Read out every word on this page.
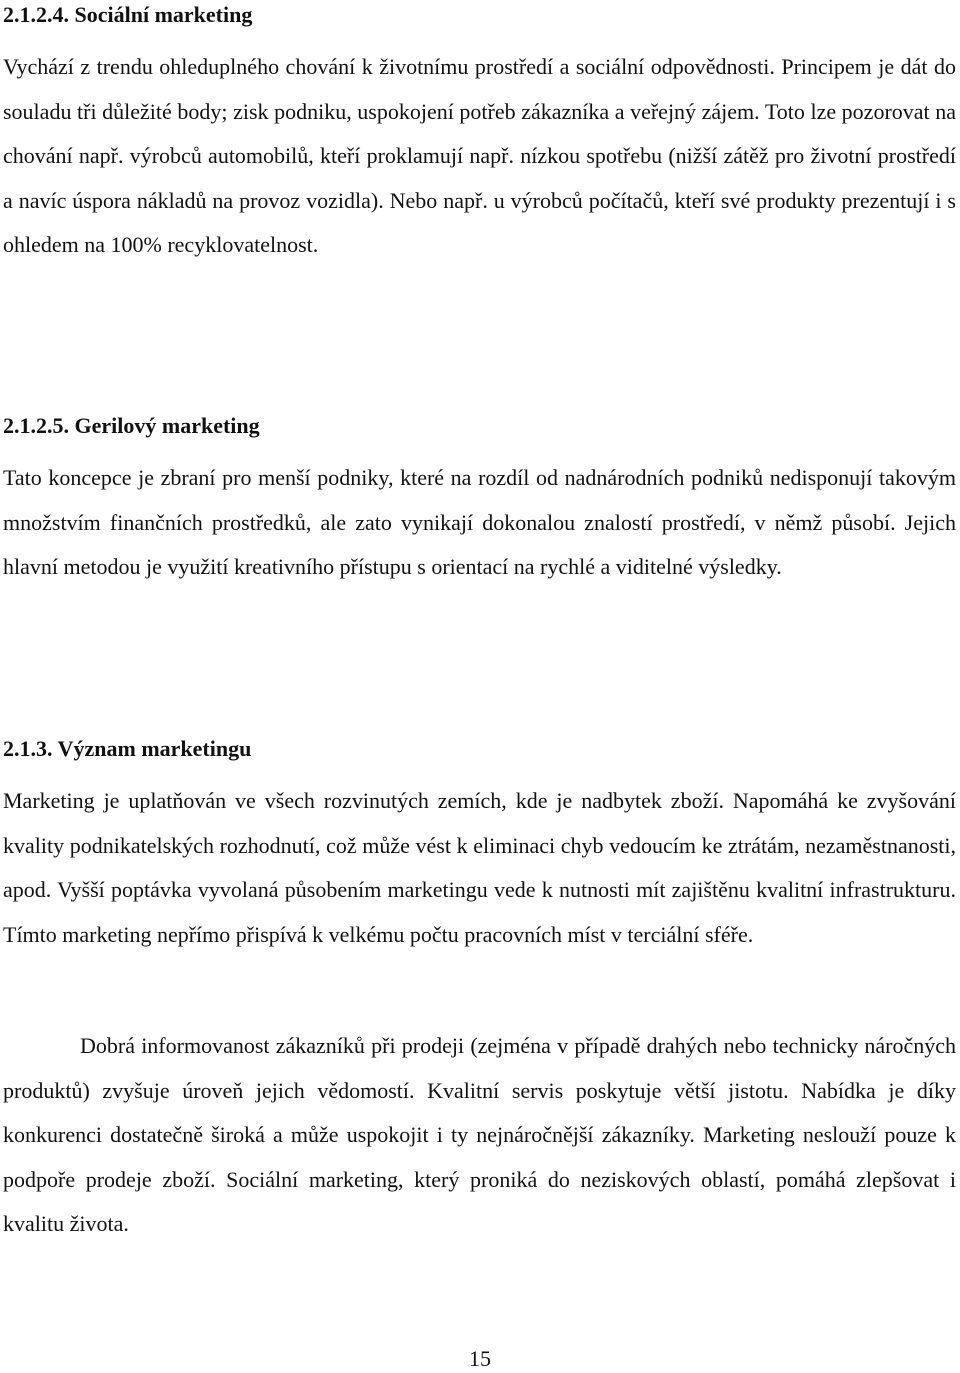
2.1.2.4. Sociální marketing

Vychází z trendu ohleduplného chování k životnímu prostředí a sociální odpovědnosti. Principem je dát do souladu tři důležité body; zisk podniku, uspokojení potřeb zákazníka a veřejný zájem. Toto lze pozorovat na chování např. výrobců automobilů, kteří proklamují např. nízkou spotřebu (nižší zátěž pro životní prostředí a navíc úspora nákladů na provoz vozidla). Nebo např. u výrobců počítačů, kteří své produkty prezentují i s ohledem na 100% recyklovatelnost.

2.1.2.5. Gerilový marketing

Tato koncepce je zbraní pro menší podniky, které na rozdíl od nadnárodních podniků nedisponují takovým množstvím finančních prostředků, ale zato vynikají dokonalou znalostí prostředí, v němž působí. Jejich hlavní metodou je využití kreativního přístupu s orientací na rychlé a viditelné výsledky.

2.1.3. Význam marketingu

Marketing je uplatňován ve všech rozvinutých zemích, kde je nadbytek zboží. Napomáhá ke zvyšování kvality podnikatelských rozhodnutí, což může vést k eliminaci chyb vedoucím ke ztrátám, nezaměstnanosti, apod. Vyšší poptávka vyvolaná působením marketingu vede k nutnosti mít zajištěnu kvalitní infrastrukturu. Tímto marketing nepřímo přispívá k velkému počtu pracovních míst v terciální sféře.

Dobrá informovanost zákazníků při prodeji (zejména v případě drahých nebo technicky náročných produktů) zvyšuje úroveň jejich vědomostí. Kvalitní servis poskytuje větší jistotu. Nabídka je díky konkurenci dostatečně široká a může uspokojit i ty nejnáročnější zákazníky. Marketing neslouží pouze k podpoře prodeje zboží. Sociální marketing, který proniká do neziskových oblastí, pomáhá zlepšovat i kvalitu života.

15
